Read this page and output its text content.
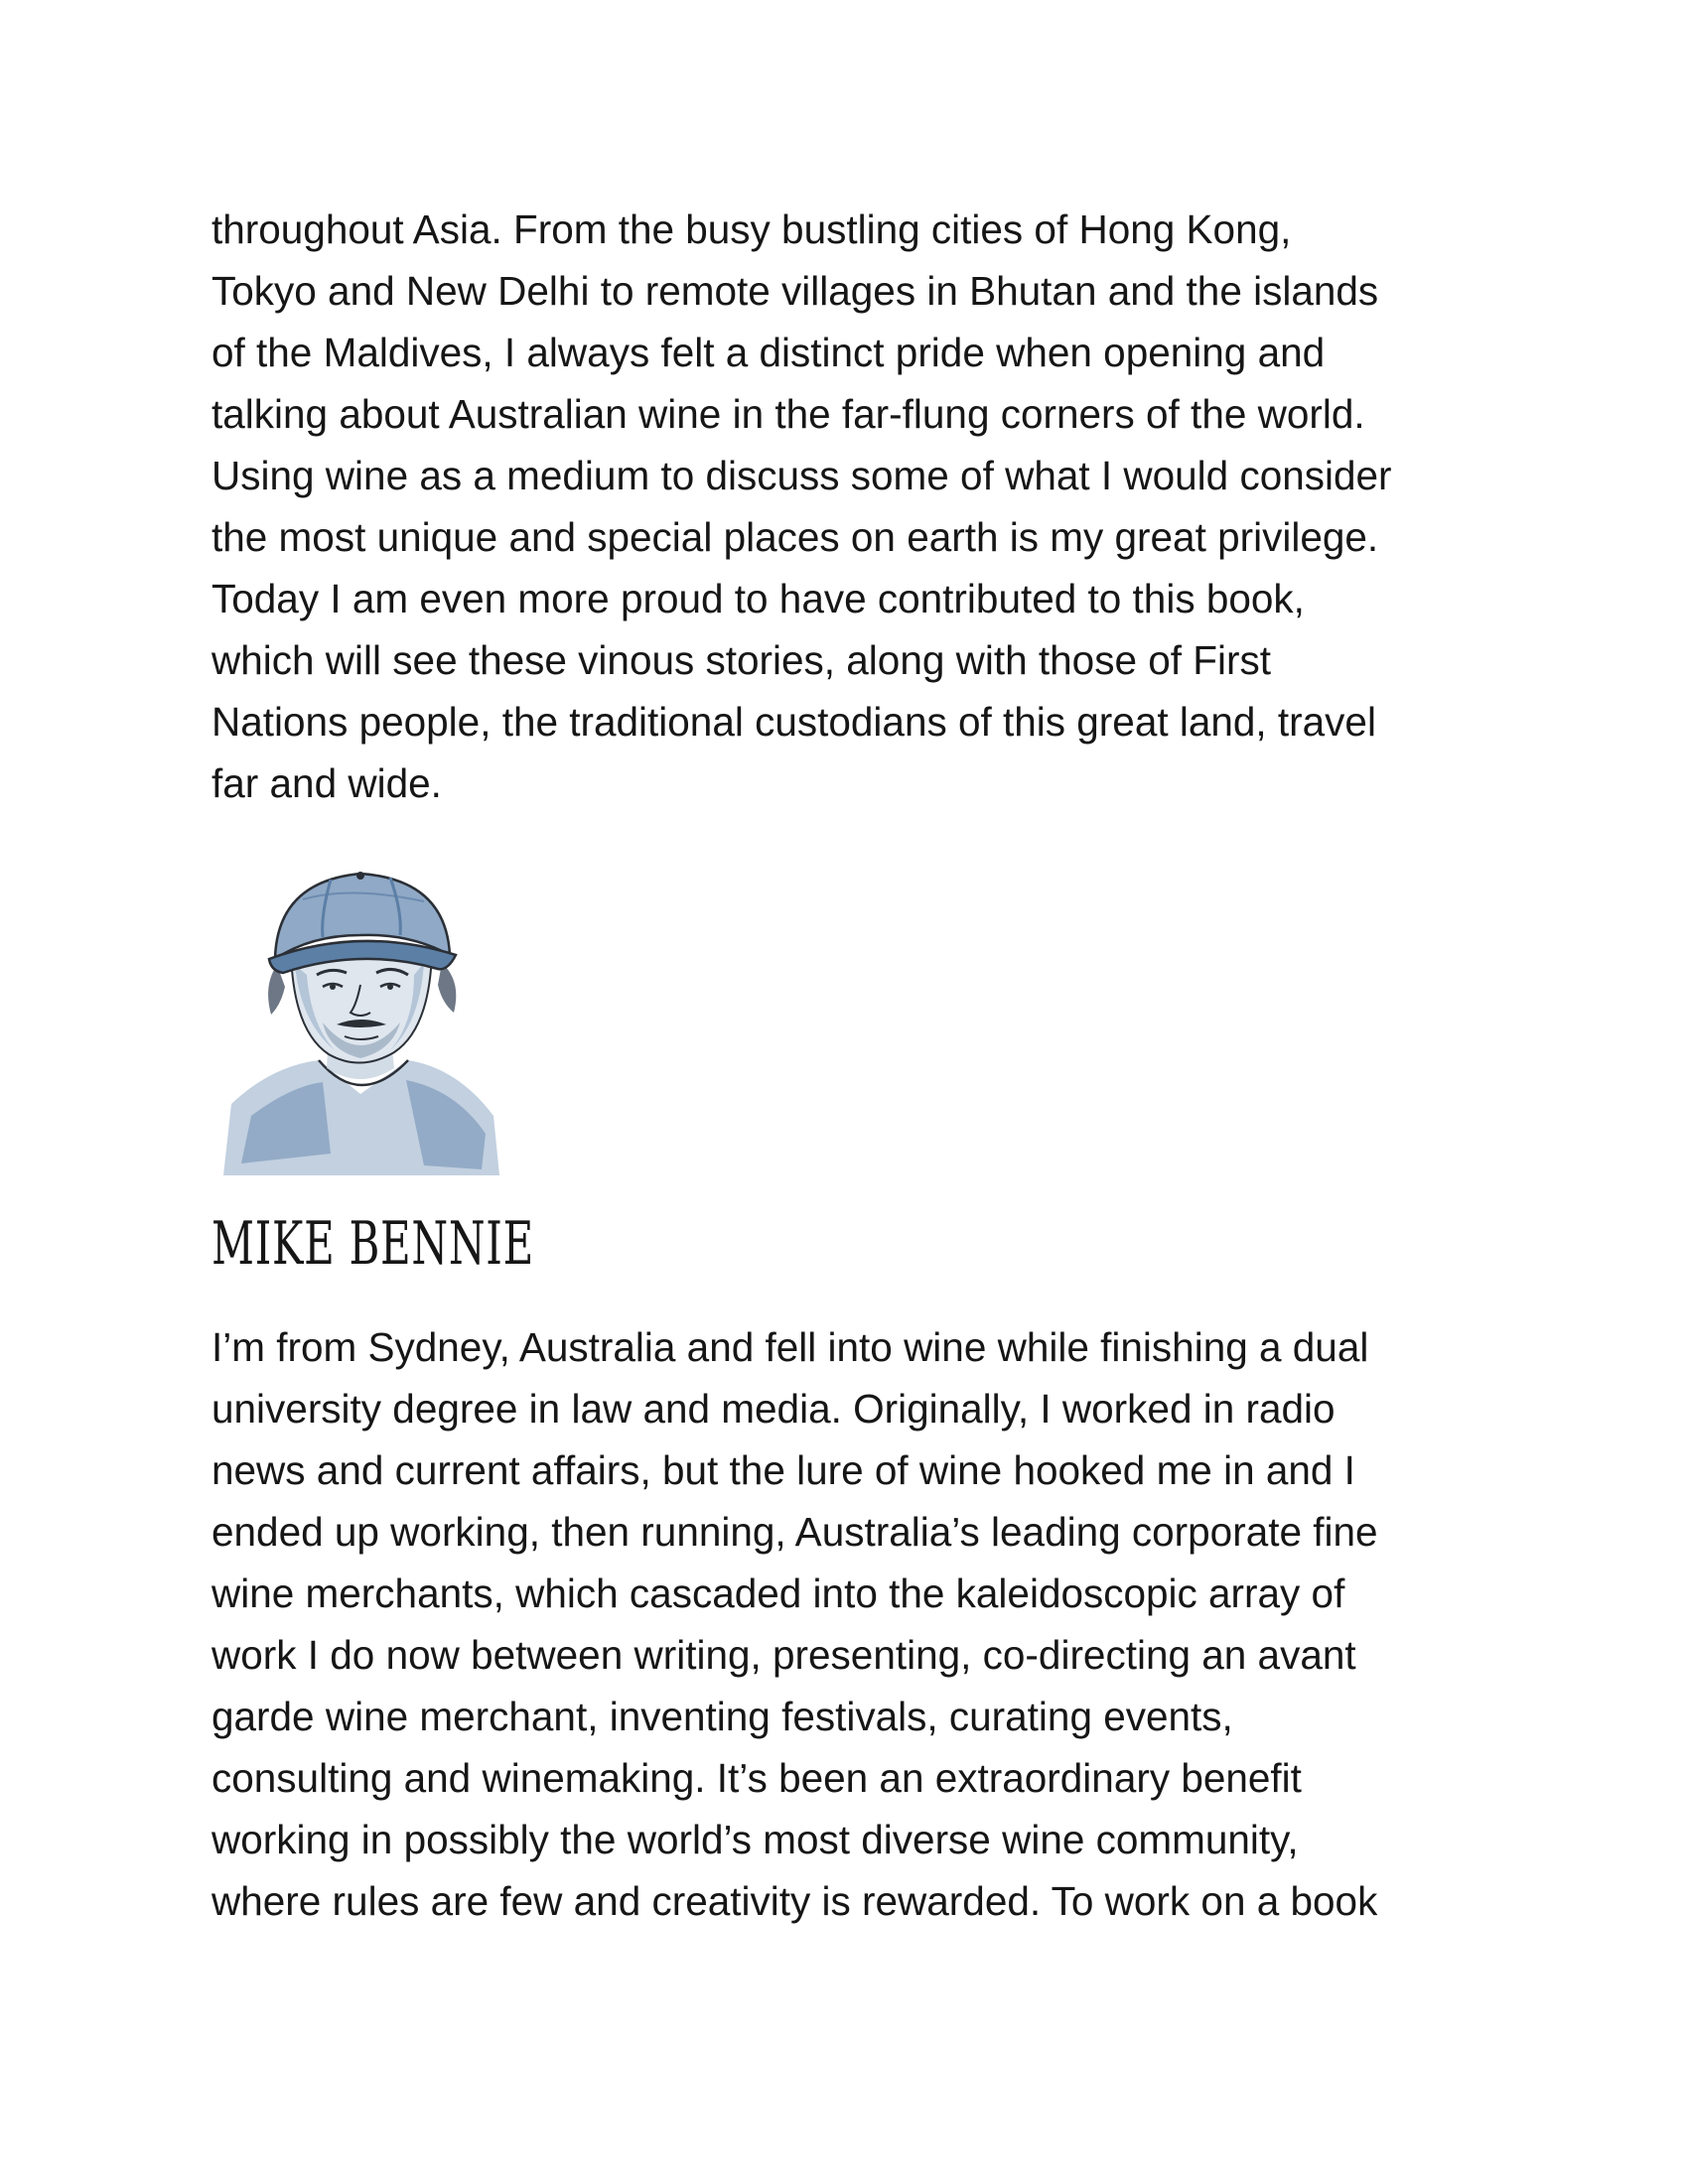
throughout Asia. From the busy bustling cities of Hong Kong,
Tokyo and New Delhi to remote villages in Bhutan and the islands
of the Maldives, I always felt a distinct pride when opening and
talking about Australian wine in the far-flung corners of the world.
Using wine as a medium to discuss some of what I would consider
the most unique and special places on earth is my great privilege.
Today I am even more proud to have contributed to this book,
which will see these vinous stories, along with those of First
Nations people, the traditional custodians of this great land, travel
far and wide.

MIKE BENNIE

I’m from Sydney, Australia and fell into wine while finishing a dual
university degree in law and media. Originally, I worked in radio
news and current affairs, but the lure of wine hooked me in and I
ended up working, then running, Australia’s leading corporate fine
wine merchants, which cascaded into the kaleidoscopic array of
work I do now between writing, presenting, co-directing an avant
garde wine merchant, inventing festivals, curating events,
consulting and winemaking. It’s been an extraordinary benefit
working in possibly the world’s most diverse wine community,
where rules are few and creativity is rewarded. To work on a book
